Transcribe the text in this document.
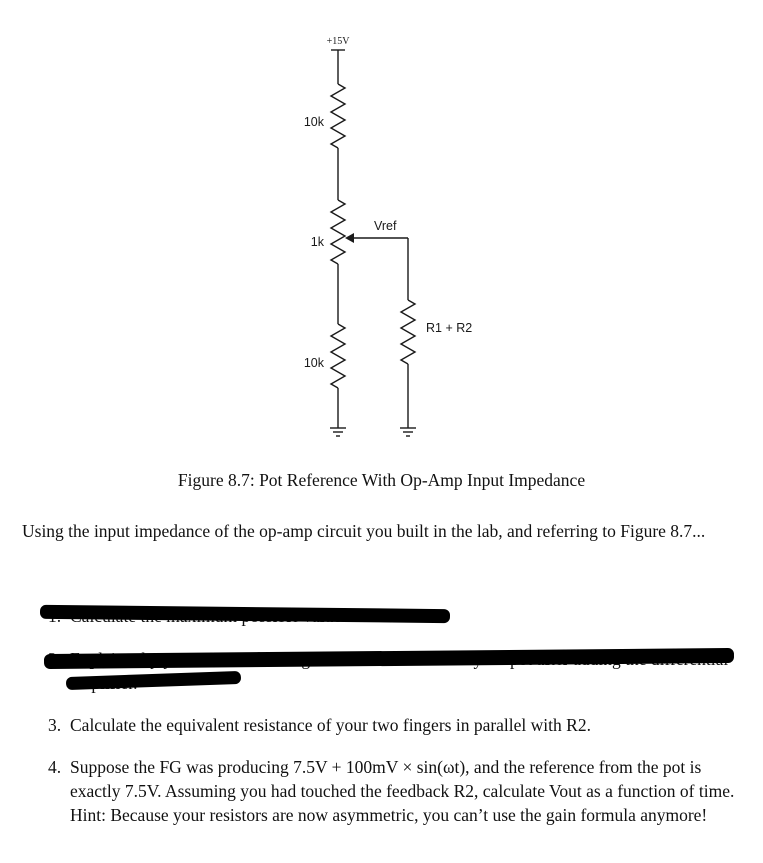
+15V
10k
1k
10k
Vref
R1 + R2
Figure 8.7: Pot Reference With Op-Amp Input Impedance
Using the input impedance of the op-amp circuit you built in the lab, and referring to Figure 8.7...
3. Calculate the equivalent resistance of your two fingers in parallel with R2.
4. Suppose the FG was producing 7.5V + 100mV × sin(ωt), and the reference from the pot is exactly 7.5V. Assuming you had touched the feedback R2, calculate Vout as a function of time. Hint: Because your resistors are now asymmetric, you can’t use the gain formula anymore!
